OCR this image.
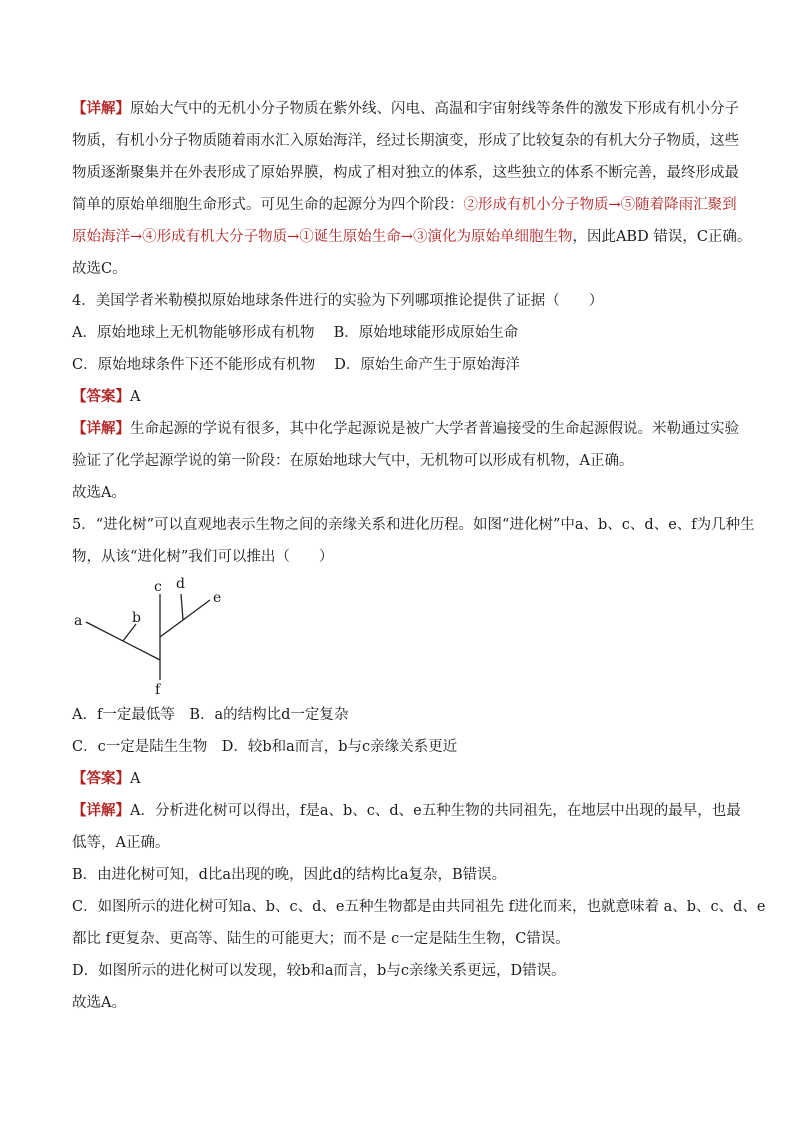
【详解】原始大气中的无机小分子物质在紫外线、闪电、高温和宇宙射线等条件的激发下形成有机小分子
物质，有机小分子物质随着雨水汇入原始海洋，经过长期演变，形成了比较复杂的有机大分子物质，这些
物质逐渐聚集并在外表形成了原始界膜，构成了相对独立的体系，这些独立的体系不断完善，最终形成最
简单的原始单细胞生命形式。可见生命的起源分为四个阶段：②形成有机小分子物质→⑤随着降雨汇聚到
原始海洋→④形成有机大分子物质→①诞生原始生命→③演化为原始单细胞生物，因此ABD 错误，C正确。
故选C。
4．美国学者米勒模拟原始地球条件进行的实验为下列哪项推论提供了证据（　　）
A．原始地球上无机物能够形成有机物　 B．原始地球能形成原始生命
C．原始地球条件下还不能形成有机物　 D．原始生命产生于原始海洋
【答案】A
【详解】生命起源的学说有很多，其中化学起源说是被广大学者普遍接受的生命起源假说。米勒通过实验
验证了化学起源学说的第一阶段：在原始地球大气中，无机物可以形成有机物，A正确。
故选A。
5．“进化树”可以直观地表示生物之间的亲缘关系和进化历程。如图“进化树”中a、b、c、d、e、f为几种生
物，从该“进化树”我们可以推出（　　）
a	b
c d
e
f
A．f一定最低等　B．a的结构比d一定复杂
C．c一定是陆生生物　D．较b和a而言，b与c亲缘关系更近
【答案】A
【详解】A．分析进化树可以得出，f是a、b、c、d、e五种生物的共同祖先，在地层中出现的最早，也最
低等，A正确。
B．由进化树可知，d比a出现的晚，因此d的结构比a复杂，B错误。
C．如图所示的进化树可知a、b、c、d、e五种生物都是由共同祖先 f进化而来，也就意味着 a、b、c、d、e
都比 f更复杂、更高等、陆生的可能更大；而不是 c一定是陆生生物，C错误。
D．如图所示的进化树可以发现，较b和a而言，b与c亲缘关系更远，D错误。
故选A。
